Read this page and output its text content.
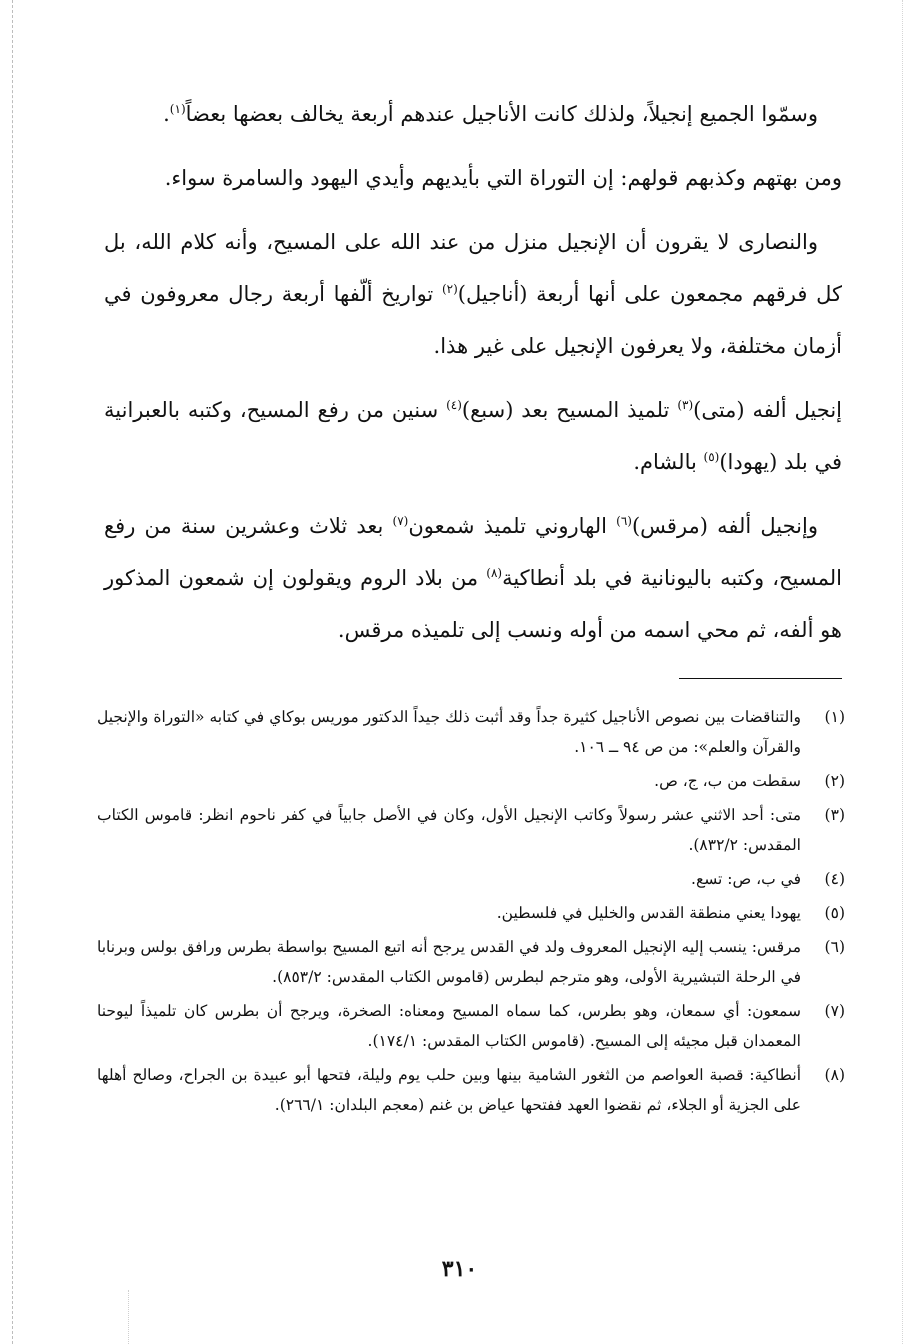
وسمّوا الجميع إنجيلاً، ولذلك كانت الأناجيل عندهم أربعة يخالف بعضها بعضاً$^{(١)}$.

ومن بهتهم وكذبهم قولهم: إن التوراة التي بأيديهم وأيدي اليهود والسامرة سواء.

والنصارى لا يقرون أن الإنجيل منزل من عند الله على المسيح، وأنه كلام الله، بل كل فرقهم مجمعون على أنها أربعة (أناجيل)$^{(٢)}$ تواريخ ألّفها أربعة رجال معروفون في أزمان مختلفة، ولا يعرفون الإنجيل على غير هذا.

إنجيل ألفه (متى)$^{(٣)}$ تلميذ المسيح بعد (سبع)$^{(٤)}$ سنين من رفع المسيح، وكتبه بالعبرانية في بلد (يهودا)$^{(٥)}$ بالشام.

وإنجيل ألفه (مرقس)$^{(٦)}$ الهاروني تلميذ شمعون$^{(٧)}$ بعد ثلاث وعشرين سنة من رفع المسيح، وكتبه باليونانية في بلد أنطاكية$^{(٨)}$ من بلاد الروم ويقولون إن شمعون المذكور هو ألفه، ثم محي اسمه من أوله ونسب إلى تلميذه مرقس.

(١)
والتناقضات بين نصوص الأناجيل كثيرة جداً وقد أثبت ذلك جيداً الدكتور موريس بوكاي في كتابه «التوراة والإنجيل والقرآن والعلم»: من ص ٩٤ ــ ١٠٦.
(٢)
سقطت من ب، ج، ص.
(٣)
متى: أحد الاثني عشر رسولاً وكاتب الإنجيل الأول، وكان في الأصل جابياً في كفر ناحوم انظر: قاموس الكتاب المقدس: ٨٣٢/٢).
(٤)
في ب، ص: تسع.
(٥)
يهودا يعني منطقة القدس والخليل في فلسطين.
(٦)
مرقس: ينسب إليه الإنجيل المعروف ولد في القدس يرجح أنه اتبع المسيح بواسطة بطرس ورافق بولس وبرنابا في الرحلة التبشيرية الأولى، وهو مترجم لبطرس (قاموس الكتاب المقدس: ٨٥٣/٢).
(٧)
سمعون: أي سمعان، وهو بطرس، كما سماه المسيح ومعناه: الصخرة، ويرجح أن بطرس كان تلميذاً ليوحنا المعمدان قبل مجيئه إلى المسيح. (قاموس الكتاب المقدس: ١٧٤/١).
(٨)
أنطاكية: قصبة العواصم من الثغور الشامية بينها وبين حلب يوم وليلة، فتحها أبو عبيدة بن الجراح، وصالح أهلها على الجزية أو الجلاء، ثم نقضوا العهد ففتحها عياض بن غنم (معجم البلدان: ٢٦٦/١).
٣١٠
